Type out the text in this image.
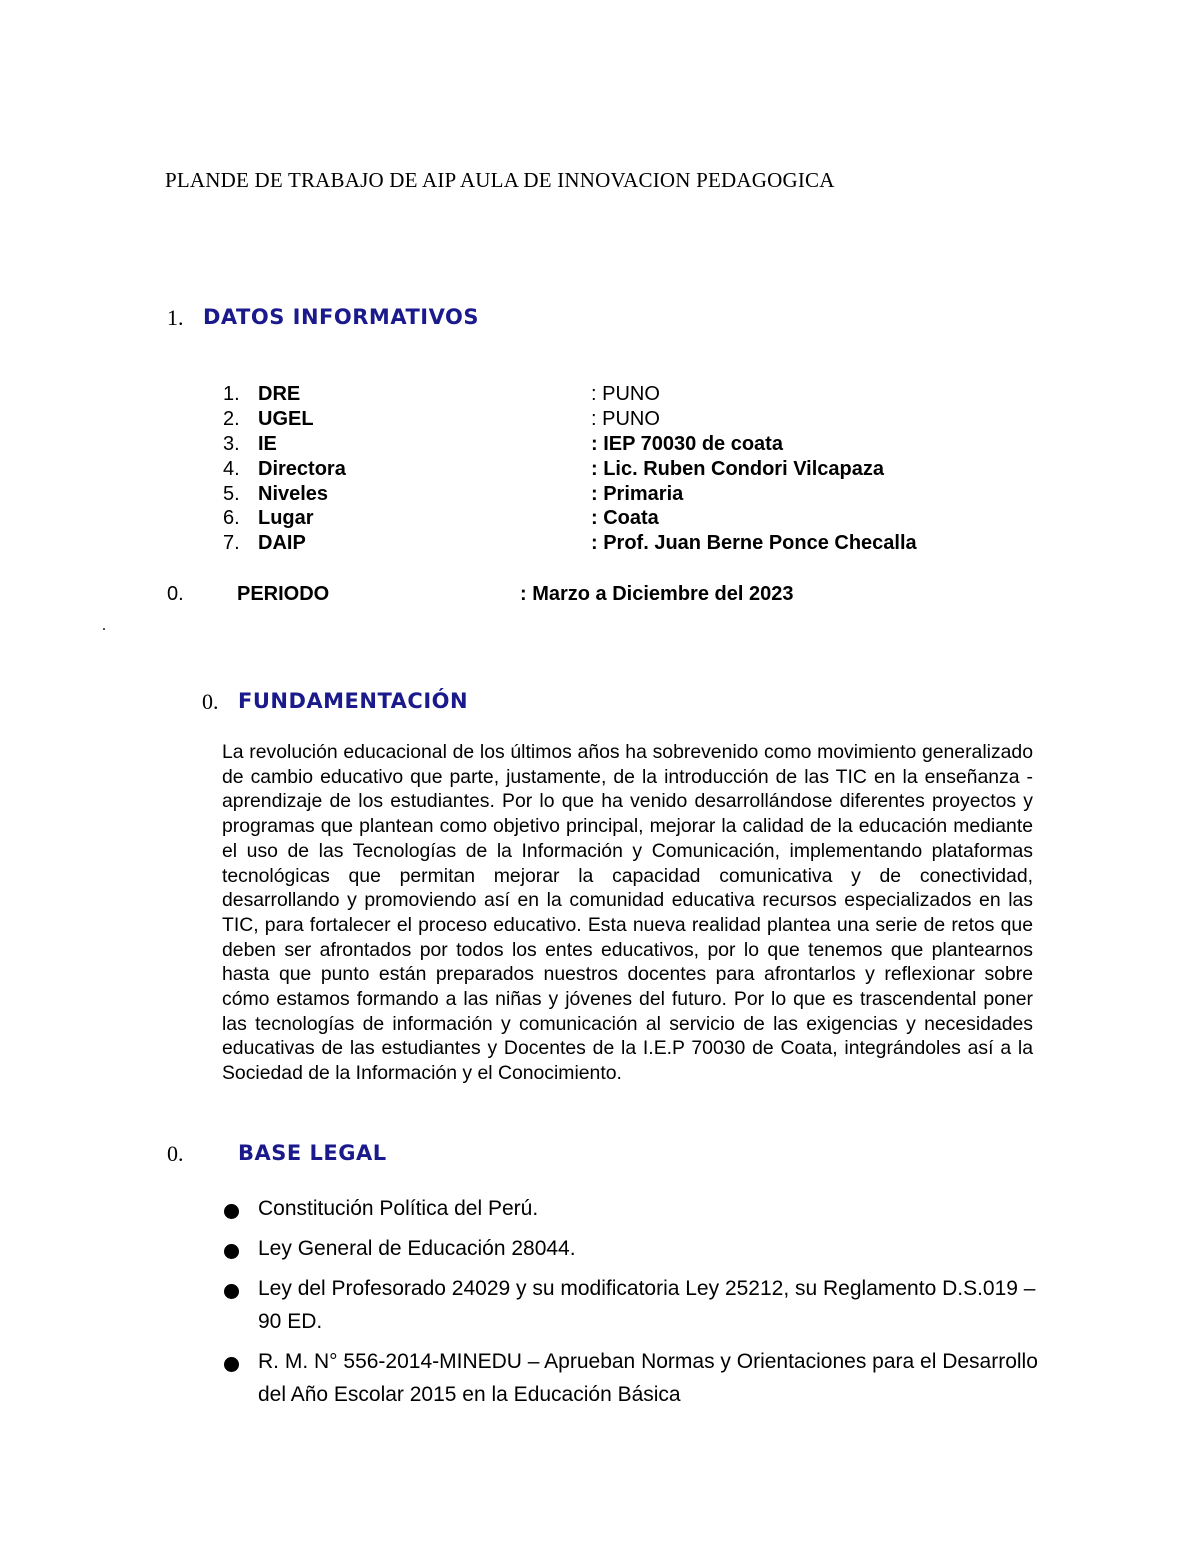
PLANDE DE TRABAJO DE AIP AULA DE INNOVACION PEDAGOGICA
1. DATOS INFORMATIVOS
1. DRE	: PUNO
2. UGEL	: PUNO
3. IE	: IEP 70030 de coata
4. Directora	: Lic. Ruben Condori Vilcapaza
5. Niveles	: Primaria
6. Lugar	: Coata
7. DAIP	: Prof. Juan Berne Ponce Checalla
0.	PERIODO	: Marzo a Diciembre del 2023
0. FUNDAMENTACIÓN
La revolución educacional de los últimos años ha sobrevenido como movimiento generalizado de cambio educativo que parte, justamente, de la introducción de las TIC en la enseñanza - aprendizaje de los estudiantes. Por lo que ha venido desarrollándose diferentes proyectos y programas que plantean como objetivo principal, mejorar la calidad de la educación mediante el uso de las Tecnologías de la Información y Comunicación, implementando plataformas tecnológicas que permitan mejorar la capacidad comunicativa y de conectividad, desarrollando y promoviendo así en la comunidad educativa recursos especializados en las TIC, para fortalecer el proceso educativo. Esta nueva realidad plantea una serie de retos que deben ser afrontados por todos los entes educativos, por lo que tenemos que plantearnos hasta que punto están preparados nuestros docentes para afrontarlos y reflexionar sobre cómo estamos formando a las niñas y jóvenes del futuro. Por lo que es trascendental poner las tecnologías de información y comunicación al servicio de las exigencias y necesidades educativas de las estudiantes y Docentes de la I.E.P 70030 de Coata, integrándoles así a la Sociedad de la Información y el Conocimiento.
0.	BASE LEGAL
Constitución Política del Perú.
Ley General de Educación 28044.
Ley del Profesorado 24029 y su modificatoria Ley 25212, su Reglamento D.S.019 – 90 ED.
R. M. N° 556-2014-MINEDU – Aprueban Normas y Orientaciones para el Desarrollo del Año Escolar 2015 en la Educación Básica
